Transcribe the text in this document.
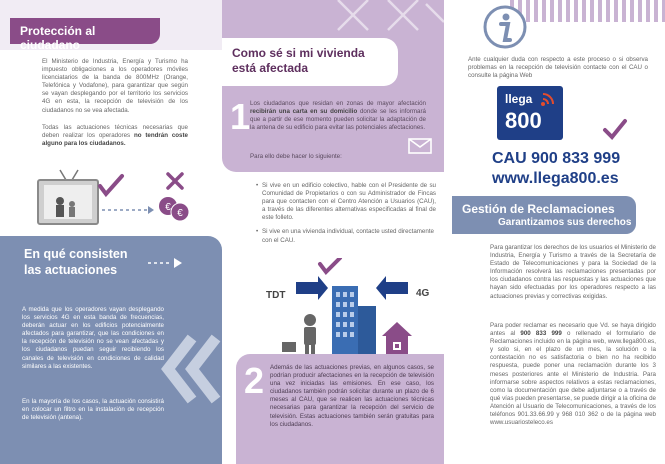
Protección al ciudadano

El Ministerio de Industria, Energía y Turismo ha impuesto obligaciones a los operadores móviles licenciatarios de la banda de 800MHz (Orange, Telefónica y Vodafone), para garantizar que según se vayan desplegando por el territorio los servicios 4G en esta, la recepción de televisión de los ciudadanos no se vea afectada.

Todas las actuaciones técnicas necesarias que deben realizar los operadores no tendrán coste alguno para los ciudadanos.

€
€
En qué consisten
las actuaciones

A medida que los operadores vayan desplegando los servicios 4G en esta banda de frecuencias, deberán actuar en los edificios potencialmente afectados para garantizar, que las condiciones en la recepción de televisión no se vean afectadas y los ciudadanos puedan seguir recibiendo los canales de televisión en condiciones de calidad similares a las existentes.

En la mayoría de los casos, la actuación consistirá en colocar un filtro en la instalación de recepción de televisión (antena).

Como sé si mi vivienda
está afectada
1 Los ciudadanos que residan en zonas de mayor afectación recibirán una carta en su domicilio donde se les informará que a partir de ese momento pueden solicitar la adaptación de la antena de su edificio para evitar las potenciales afectaciones.

Para ello debe hacer lo siguiente:

• Si vive en un edificio colectivo, hable con el Presidente de su Comunidad de Propietarios o con su Administrador de Fincas para que contacten con el Centro Atención a Usuarios (CAU), a través de las diferentes alternativas especificadas al final de este folleto.
• Si vive en una vivienda individual, contacte usted directamente con el CAU.
TDT	4G
2 Además de las actuaciones previas, en algunos casos, se podrían producir afectaciones en la recepción de televisión una vez iniciadas las emisiones. En ese caso, los ciudadanos también podrán solicitar durante un plazo de 6 meses al CAU, que se realicen las actuaciones técnicas necesarias para garantizar la recepción del servicio de televisión. Estas actuaciones también serán gratuitas para los ciudadanos.

Ante cualquier duda con respecto a este proceso o si observa problemas en la recepción de televisión contacte con el CAU o consulte la página Web

llega
800
CAU 900 833 999
www.llega800.es
Gestión de Reclamaciones
Garantizamos sus derechos

Para garantizar los derechos de los usuarios el Ministerio de Industria, Energía y Turismo a través de la Secretaría de Estado de Telecomunicaciones y para la Sociedad de la Información resolverá las reclamaciones presentadas por los ciudadanos contra las respuestas y las actuaciones que hayan sido efectuadas por los operadores respecto a las actuaciones previas y correctivas exigidas.

Para poder reclamar es necesario que Vd. se haya dirigido antes al 900 833 999 o rellenado el formulario de Reclamaciones incluido en la página web, www.llega800.es, y solo si, en el plazo de un mes, la solución o la contestación no es satisfactoria o bien no ha recibido respuesta, puede poner una reclamación durante los 3 meses posteriores ante el Ministerio de Industria. Para informarse sobre aspectos relativos a estas reclamaciones, como la documentación que debe adjuntarse o a través de qué vías pueden presentarse, se puede dirigir a la oficina de Atención al Usuario de Telecomunicaciones, a través de los teléfonos 901.33.66.99 y 968 010 362 o de la página web www.usuariosteleco.es
